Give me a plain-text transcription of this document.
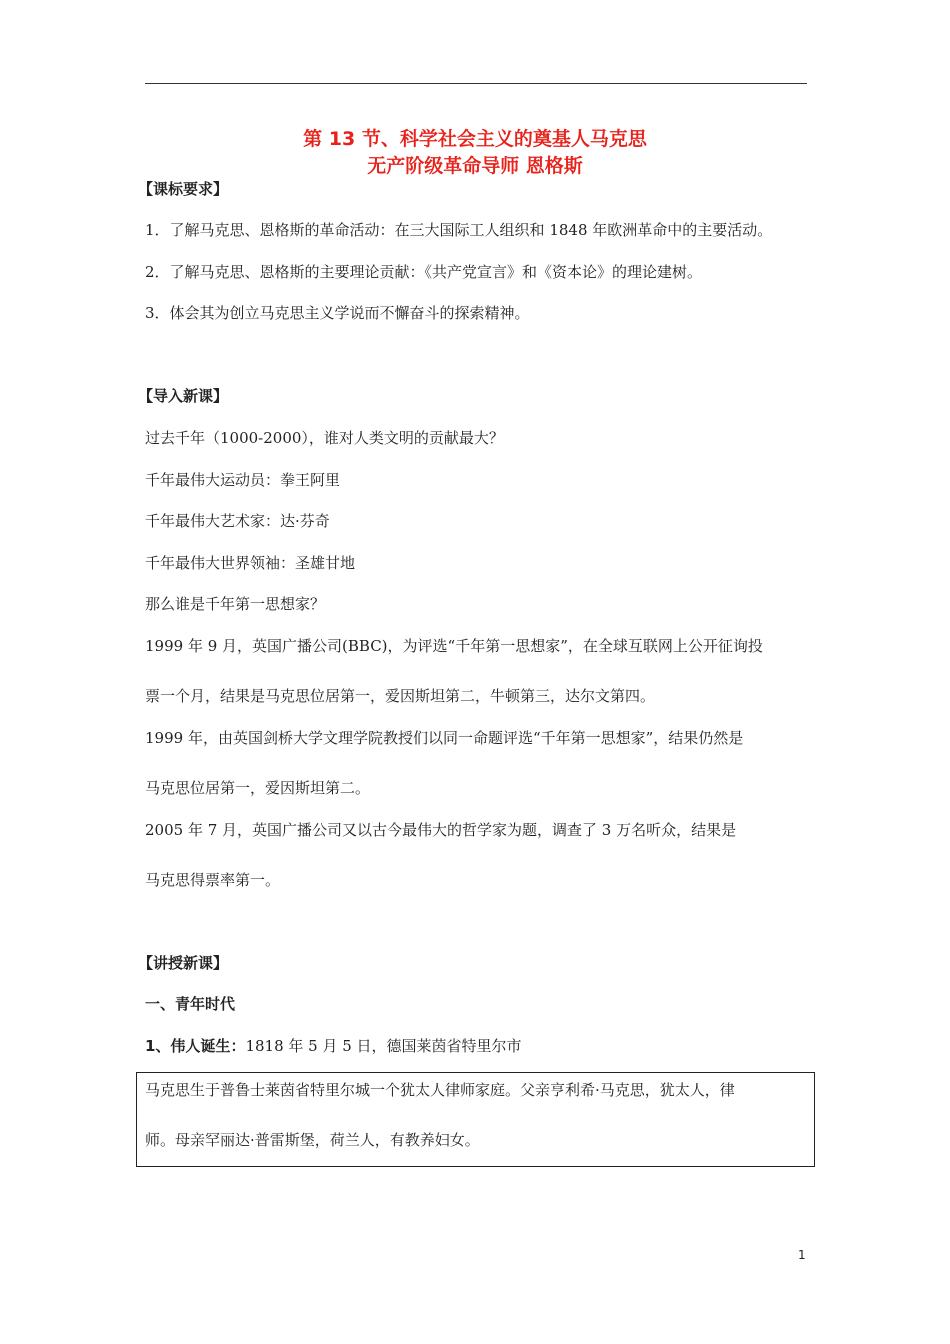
第 13 节、科学社会主义的奠基人马克思
无产阶级革命导师 恩格斯
【课标要求】
1．了解马克思、恩格斯的革命活动：在三大国际工人组织和 1848 年欧洲革命中的主要活动。
2．了解马克思、恩格斯的主要理论贡献：《共产党宣言》和《资本论》的理论建树。
3．体会其为创立马克思主义学说而不懈奋斗的探索精神。
【导入新课】
过去千年（1000-2000），谁对人类文明的贡献最大？
千年最伟大运动员：拳王阿里
千年最伟大艺术家：达·芬奇
千年最伟大世界领袖：圣雄甘地
那么谁是千年第一思想家？
1999 年 9 月，英国广播公司(BBC)，为评选“千年第一思想家”，在全球互联网上公开征询投
票一个月，结果是马克思位居第一，爱因斯坦第二，牛顿第三，达尔文第四。
1999 年，由英国剑桥大学文理学院教授们以同一命题评选“千年第一思想家”，结果仍然是
马克思位居第一，爱因斯坦第二。
2005 年 7 月，英国广播公司又以古今最伟大的哲学家为题，调查了 3 万名听众，结果是
马克思得票率第一。
【讲授新课】
一、青年时代
1、伟人诞生：1818 年 5 月 5 日，德国莱茵省特里尔市
马克思生于普鲁士莱茵省特里尔城一个犹太人律师家庭。父亲亨利希·马克思，犹太人，律
师。母亲罕丽达·普雷斯堡，荷兰人，有教养妇女。
1
